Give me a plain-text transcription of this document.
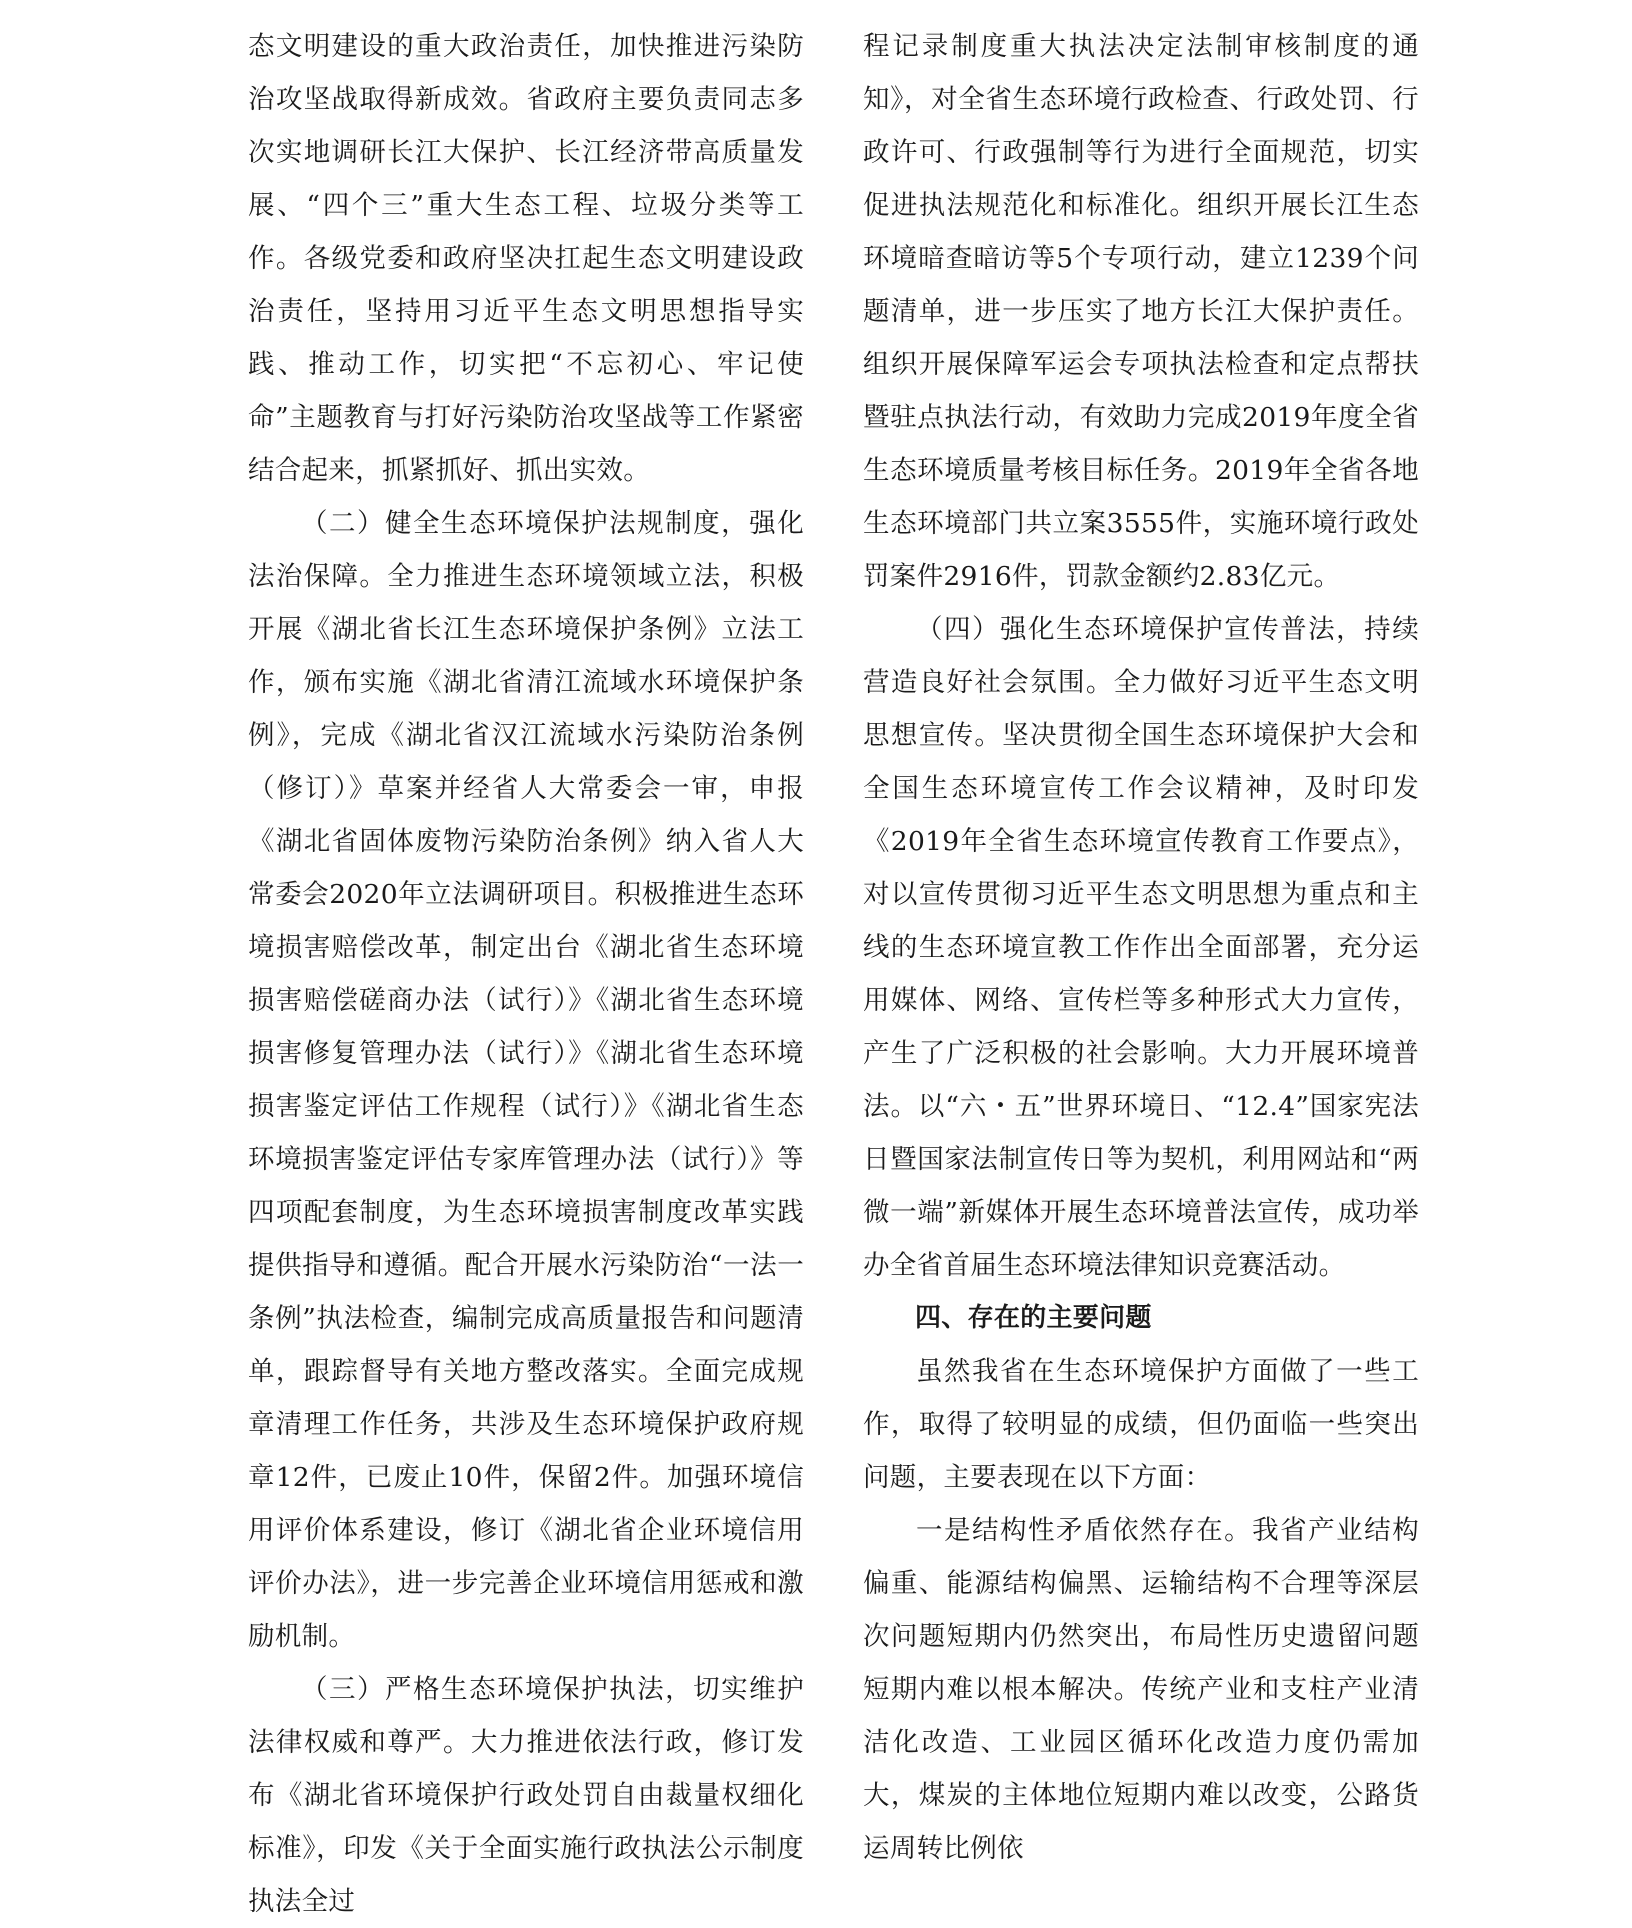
态文明建设的重大政治责任，加快推进污染防治攻坚战取得新成效。省政府主要负责同志多次实地调研长江大保护、长江经济带高质量发展、“四个三”重大生态工程、垃圾分类等工作。各级党委和政府坚决扛起生态文明建设政治责任，坚持用习近平生态文明思想指导实践、推动工作，切实把“不忘初心、牢记使命”主题教育与打好污染防治攻坚战等工作紧密结合起来，抓紧抓好、抓出实效。

（二）健全生态环境保护法规制度，强化法治保障。全力推进生态环境领域立法，积极开展《湖北省长江生态环境保护条例》立法工作，颁布实施《湖北省清江流域水环境保护条例》，完成《湖北省汉江流域水污染防治条例（修订）》草案并经省人大常委会一审，申报《湖北省固体废物污染防治条例》纳入省人大常委会2020年立法调研项目。积极推进生态环境损害赔偿改革，制定出台《湖北省生态环境损害赔偿磋商办法（试行）》《湖北省生态环境损害修复管理办法（试行）》《湖北省生态环境损害鉴定评估工作规程（试行）》《湖北省生态环境损害鉴定评估专家库管理办法（试行）》等四项配套制度，为生态环境损害制度改革实践提供指导和遵循。配合开展水污染防治“一法一条例”执法检查，编制完成高质量报告和问题清单，跟踪督导有关地方整改落实。全面完成规章清理工作任务，共涉及生态环境保护政府规章12件，已废止10件，保留2件。加强环境信用评价体系建设，修订《湖北省企业环境信用评价办法》，进一步完善企业环境信用惩戒和激励机制。

（三）严格生态环境保护执法，切实维护法律权威和尊严。大力推进依法行政，修订发布《湖北省环境保护行政处罚自由裁量权细化标准》，印发《关于全面实施行政执法公示制度执法全过

程记录制度重大执法决定法制审核制度的通知》，对全省生态环境行政检查、行政处罚、行政许可、行政强制等行为进行全面规范，切实促进执法规范化和标准化。组织开展长江生态环境暗查暗访等5个专项行动，建立1239个问题清单，进一步压实了地方长江大保护责任。组织开展保障军运会专项执法检查和定点帮扶暨驻点执法行动，有效助力完成2019年度全省生态环境质量考核目标任务。2019年全省各地生态环境部门共立案3555件，实施环境行政处罚案件2916件，罚款金额约2.83亿元。

（四）强化生态环境保护宣传普法，持续营造良好社会氛围。全力做好习近平生态文明思想宣传。坚决贯彻全国生态环境保护大会和全国生态环境宣传工作会议精神，及时印发《2019年全省生态环境宣传教育工作要点》，对以宣传贯彻习近平生态文明思想为重点和主线的生态环境宣教工作作出全面部署，充分运用媒体、网络、宣传栏等多种形式大力宣传，产生了广泛积极的社会影响。大力开展环境普法。以“六・五”世界环境日、“12.4”国家宪法日暨国家法制宣传日等为契机，利用网站和“两微一端”新媒体开展生态环境普法宣传，成功举办全省首届生态环境法律知识竞赛活动。

四、存在的主要问题

虽然我省在生态环境保护方面做了一些工作，取得了较明显的成绩，但仍面临一些突出问题，主要表现在以下方面：

一是结构性矛盾依然存在。我省产业结构偏重、能源结构偏黑、运输结构不合理等深层次问题短期内仍然突出，布局性历史遗留问题短期内难以根本解决。传统产业和支柱产业清洁化改造、工业园区循环化改造力度仍需加大，煤炭的主体地位短期内难以改变，公路货运周转比例依
